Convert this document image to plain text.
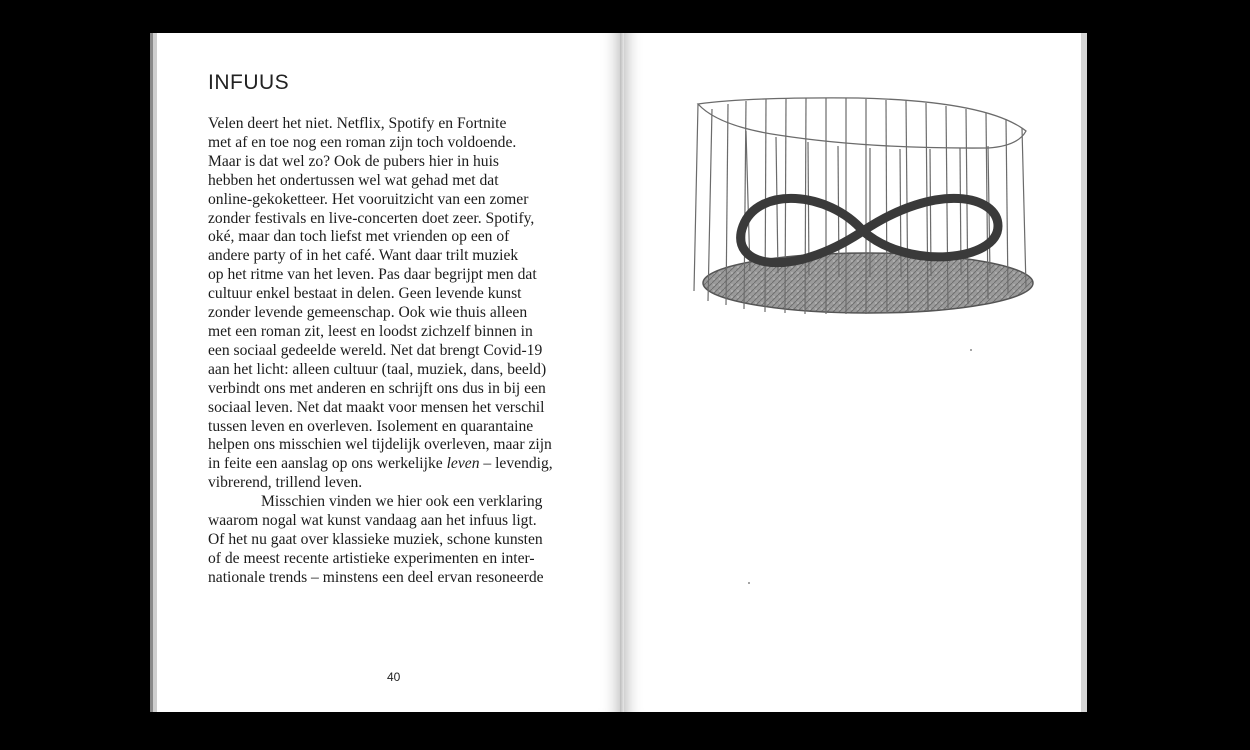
INFUUS
Velen deert het niet. Netflix, Spotify en Fortnite
met af en toe nog een roman zijn toch voldoende.
Maar is dat wel zo? Ook de pubers hier in huis
hebben het ondertussen wel wat gehad met dat
online-gekoketteer. Het vooruitzicht van een zomer
zonder festivals en live-concerten doet zeer. Spotify,
oké, maar dan toch liefst met vrienden op een of
andere party of in het café. Want daar trilt muziek
op het ritme van het leven. Pas daar begrijpt men dat
cultuur enkel bestaat in delen. Geen levende kunst
zonder levende gemeenschap. Ook wie thuis alleen
met een roman zit, leest en loodst zichzelf binnen in
een sociaal gedeelde wereld. Net dat brengt Covid-19
aan het licht: alleen cultuur (taal, muziek, dans, beeld)
verbindt ons met anderen en schrijft ons dus in bij een
sociaal leven. Net dat maakt voor mensen het verschil
tussen leven en overleven. Isolement en quarantaine
helpen ons misschien wel tijdelijk overleven, maar zijn
in feite een aanslag op ons werkelijke leven – levendig,
vibrerend, trillend leven.
Misschien vinden we hier ook een verklaring
waarom nogal wat kunst vandaag aan het infuus ligt.
Of het nu gaat over klassieke muziek, schone kunsten
of de meest recente artistieke experimenten en inter-
nationale trends – minstens een deel ervan resoneerde
40
